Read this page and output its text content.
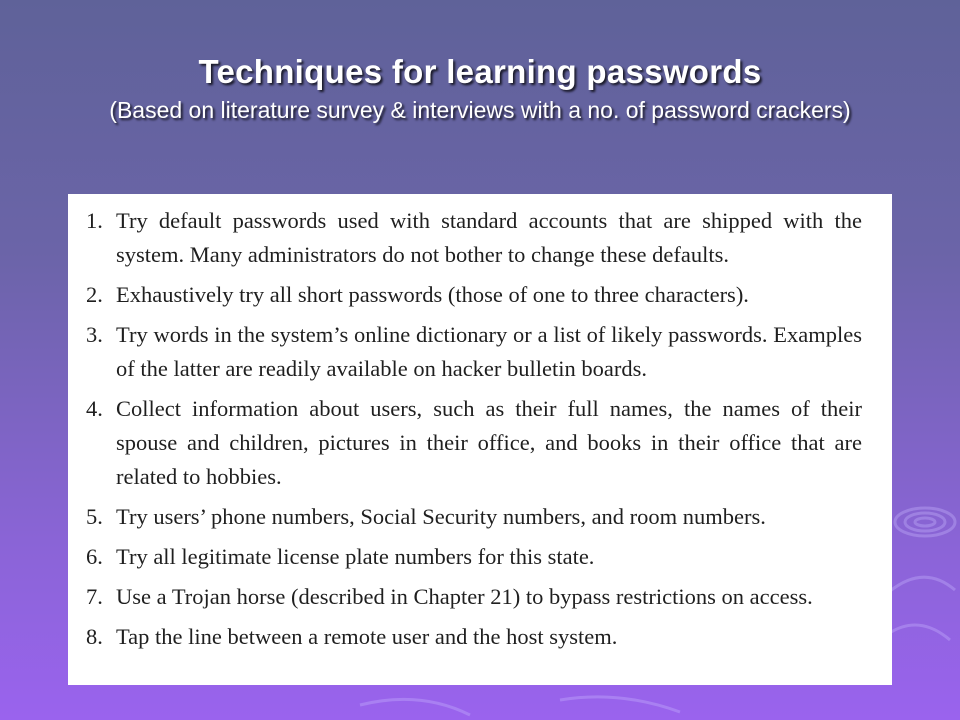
Techniques for learning passwords
(Based on literature survey & interviews with a no. of password crackers)
1. Try default passwords used with standard accounts that are shipped with the system. Many administrators do not bother to change these defaults.
2. Exhaustively try all short passwords (those of one to three characters).
3. Try words in the system’s online dictionary or a list of likely passwords. Examples of the latter are readily available on hacker bulletin boards.
4. Collect information about users, such as their full names, the names of their spouse and children, pictures in their office, and books in their office that are related to hobbies.
5. Try users’ phone numbers, Social Security numbers, and room numbers.
6. Try all legitimate license plate numbers for this state.
7. Use a Trojan horse (described in Chapter 21) to bypass restrictions on access.
8. Tap the line between a remote user and the host system.
